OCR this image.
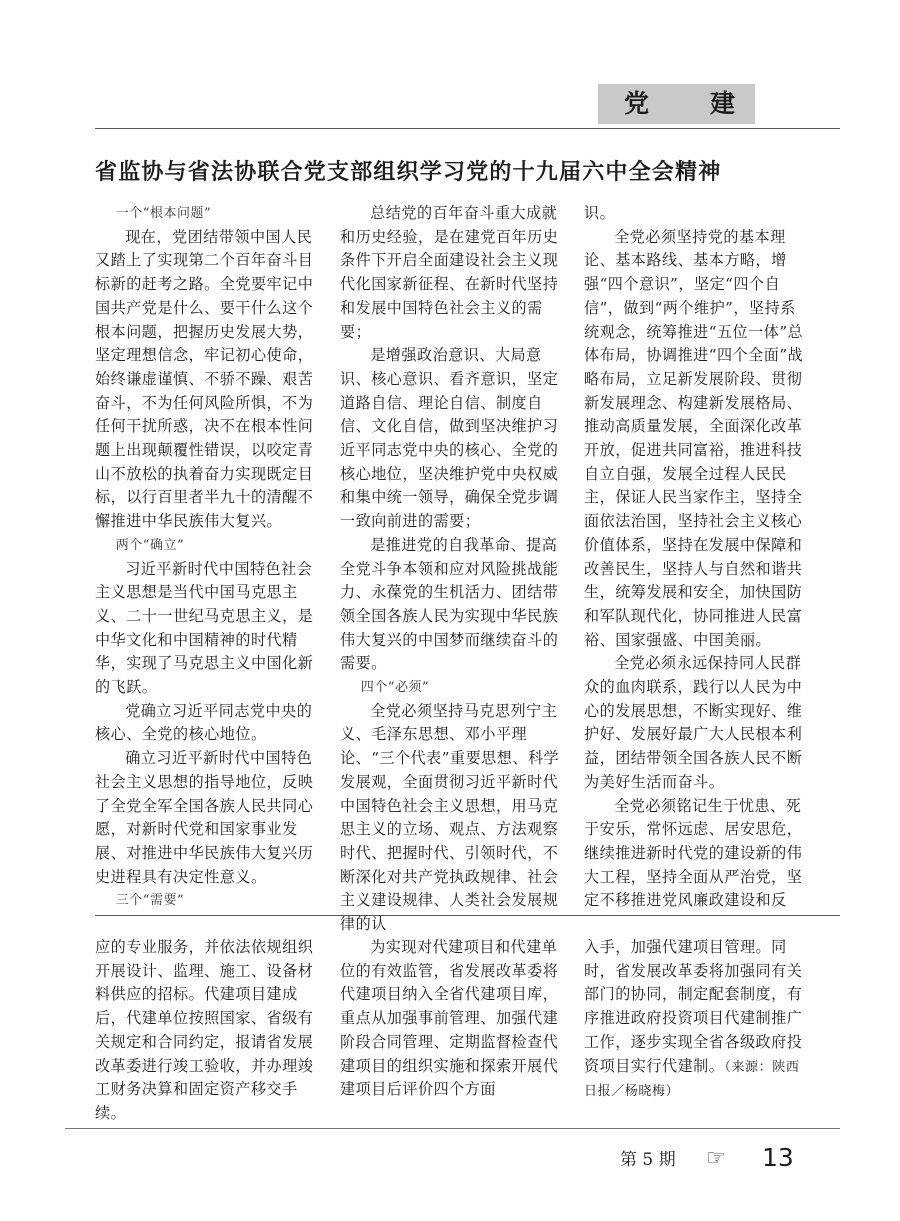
党 建
省监协与省法协联合党支部组织学习党的十九届六中全会精神

一个“根本问题”

现在，党团结带领中国人民又踏上了实现第二个百年奋斗目标新的赶考之路。全党要牢记中国共产党是什么、要干什么这个根本问题，把握历史发展大势，坚定理想信念，牢记初心使命，始终谦虚谨慎、不骄不躁、艰苦奋斗，不为任何风险所惧，不为任何干扰所惑，决不在根本性问题上出现颠覆性错误，以咬定青山不放松的执着奋力实现既定目标，以行百里者半九十的清醒不懈推进中华民族伟大复兴。

两个“确立”

习近平新时代中国特色社会主义思想是当代中国马克思主义、二十一世纪马克思主义，是中华文化和中国精神的时代精华，实现了马克思主义中国化新的飞跃。

党确立习近平同志党中央的核心、全党的核心地位。

确立习近平新时代中国特色社会主义思想的指导地位，反映了全党全军全国各族人民共同心愿，对新时代党和国家事业发展、对推进中华民族伟大复兴历史进程具有决定性意义。

三个“需要”

总结党的百年奋斗重大成就和历史经验，是在建党百年历史条件下开启全面建设社会主义现代化国家新征程、在新时代坚持和发展中国特色社会主义的需要；

是增强政治意识、大局意识、核心意识、看齐意识，坚定道路自信、理论自信、制度自信、文化自信，做到坚决维护习近平同志党中央的核心、全党的核心地位，坚决维护党中央权威和集中统一领导，确保全党步调一致向前进的需要；

是推进党的自我革命、提高全党斗争本领和应对风险挑战能力、永葆党的生机活力、团结带领全国各族人民为实现中华民族伟大复兴的中国梦而继续奋斗的需要。

四个“必须”

全党必须坚持马克思列宁主义、毛泽东思想、邓小平理论、“三个代表”重要思想、科学发展观，全面贯彻习近平新时代中国特色社会主义思想，用马克思主义的立场、观点、方法观察时代、把握时代、引领时代，不断深化对共产党执政规律、社会主义建设规律、人类社会发展规律的认

识。

全党必须坚持党的基本理论、基本路线、基本方略，增强“四个意识”，坚定“四个自信”，做到“两个维护”，坚持系统观念，统筹推进“五位一体”总体布局，协调推进“四个全面”战略布局，立足新发展阶段、贯彻新发展理念、构建新发展格局、推动高质量发展，全面深化改革开放，促进共同富裕，推进科技自立自强，发展全过程人民民主，保证人民当家作主，坚持全面依法治国，坚持社会主义核心价值体系，坚持在发展中保障和改善民生，坚持人与自然和谐共生，统筹发展和安全，加快国防和军队现代化，协同推进人民富裕、国家强盛、中国美丽。

全党必须永远保持同人民群众的血肉联系，践行以人民为中心的发展思想，不断实现好、维护好、发展好最广大人民根本利益，团结带领全国各族人民不断为美好生活而奋斗。

全党必须铭记生于忧患、死于安乐，常怀远虑、居安思危，继续推进新时代党的建设新的伟大工程，坚持全面从严治党，坚定不移推进党风廉政建设和反

应的专业服务，并依法依规组织开展设计、监理、施工、设备材料供应的招标。代建项目建成后，代建单位按照国家、省级有关规定和合同约定，报请省发展改革委进行竣工验收，并办理竣工财务决算和固定资产移交手续。

为实现对代建项目和代建单位的有效监管，省发展改革委将代建项目纳入全省代建项目库，重点从加强事前管理、加强代建阶段合同管理、定期监督检查代建项目的组织实施和探索开展代建项目后评价四个方面

入手，加强代建项目管理。同时，省发展改革委将加强同有关部门的协同，制定配套制度，有序推进政府投资项目代建制推广工作，逐步实现全省各级政府投资项目实行代建制。（来源：陕西日报／杨晓梅）

第 5 期 ☞ 13
